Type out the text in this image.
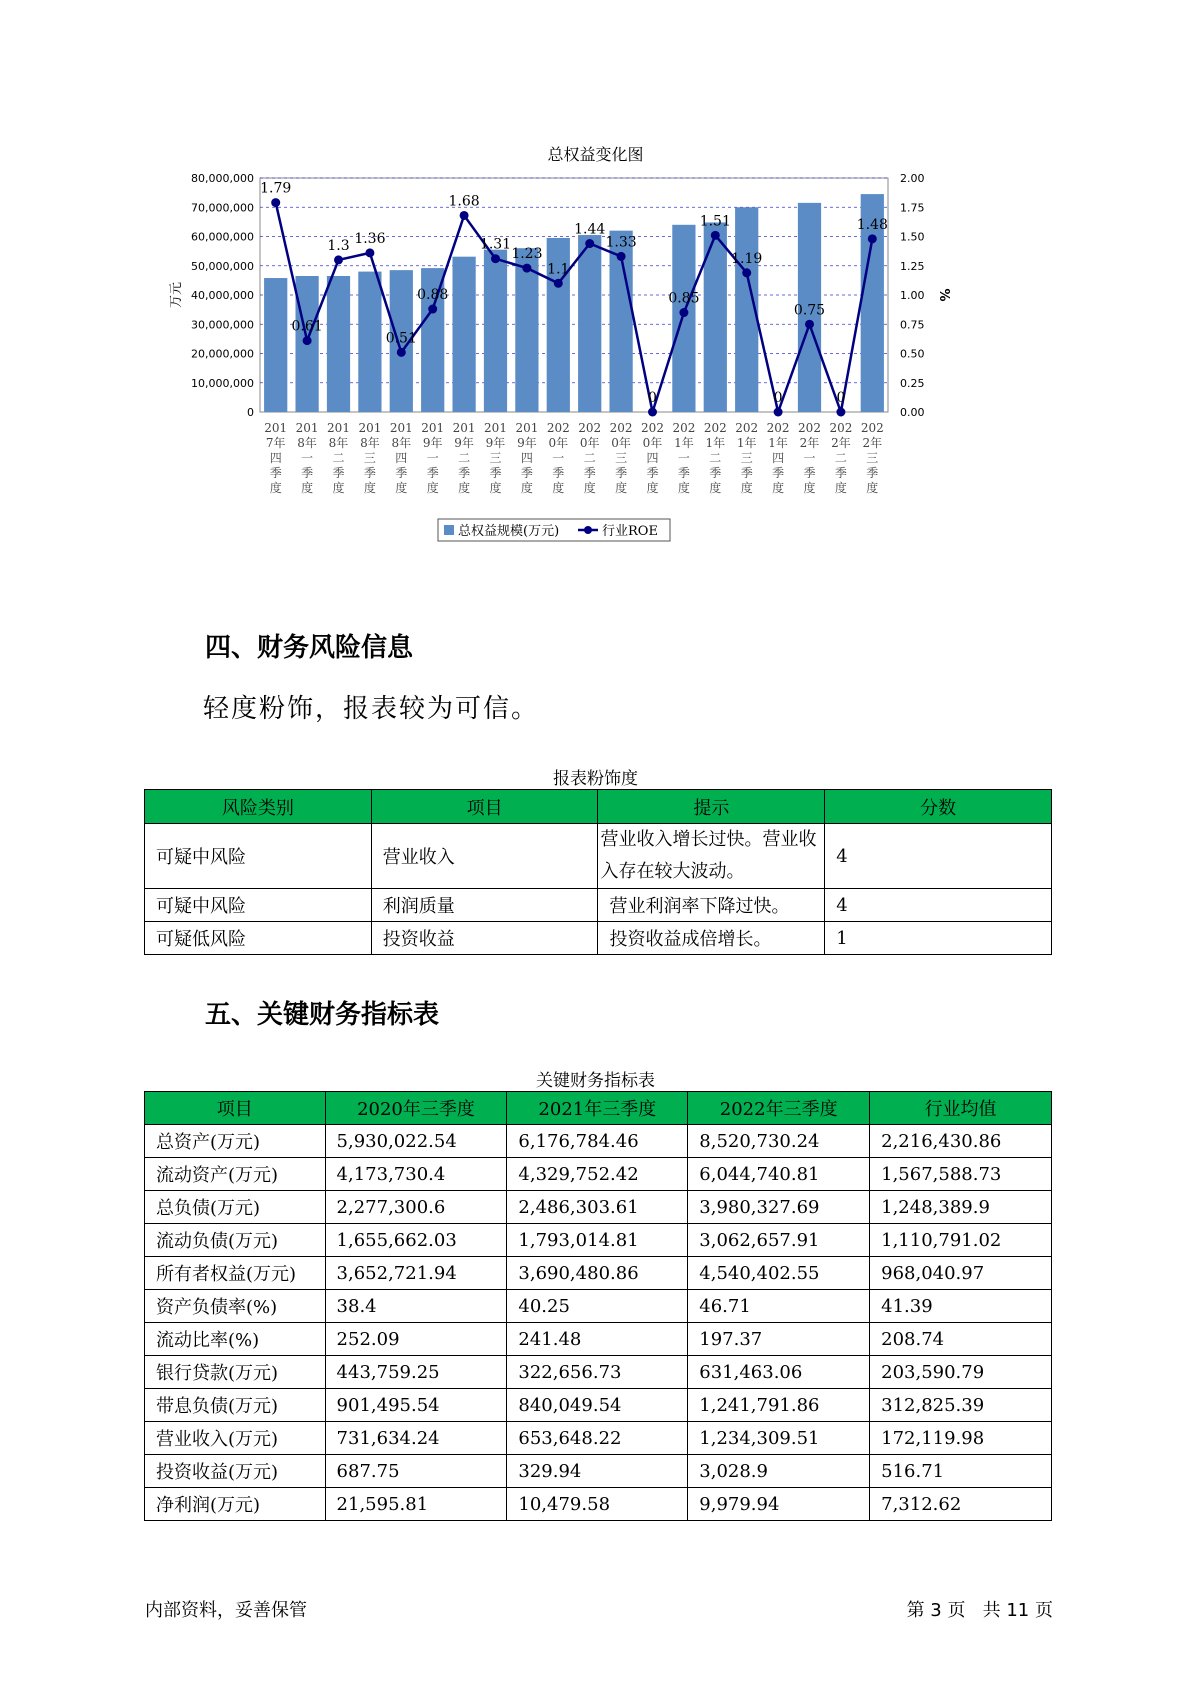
总权益变化图
0
10,000,000
20,000,000
30,000,000
40,000,000
50,000,000
60,000,000
70,000,000
80,000,000
0.00
0.25
0.50
0.75
1.00
1.25
1.50
1.75
2.00
万元	%
1.79
0.61
1.3 1.36
0.51
0.88
1.68
1.31
1.23
1.1
1.44
1.33
0
0.85
1.51
1.19
0
0.75
0
1.48
201 7年四季度
201 8年一季度
201 8年二季度
201 8年三季度
201 8年四季度
201 9年一季度
201 9年二季度
201 9年三季度
201 9年四季度
202 0年一季度
202 0年二季度
202 0年三季度
202 0年四季度
202 1年一季度
202 1年二季度
202 1年三季度
202 1年四季度
202 2年一季度
202 2年二季度
202 2年三季度
总权益规模(万元)	行业ROE
四、财务风险信息
轻度粉饰，报表较为可信。
报表粉饰度
风险类别	项目	提示	分数
可疑中风险	营业收入	营业收入增长过快。营业收入存在较大波动。	4
可疑中风险	利润质量	营业利润率下降过快。	4
可疑低风险	投资收益	投资收益成倍增长。	1
五、关键财务指标表
关键财务指标表
项目	2020年三季度	2021年三季度	2022年三季度	行业均值
总资产(万元)	5,930,022.54	6,176,784.46	8,520,730.24	2,216,430.86
流动资产(万元)	4,173,730.4	4,329,752.42	6,044,740.81	1,567,588.73
总负债(万元)	2,277,300.6	2,486,303.61	3,980,327.69	1,248,389.9
流动负债(万元)	1,655,662.03	1,793,014.81	3,062,657.91	1,110,791.02
所有者权益(万元)	3,652,721.94	3,690,480.86	4,540,402.55	968,040.97
资产负债率(%)	38.4	40.25	46.71	41.39
流动比率(%)	252.09	241.48	197.37	208.74
银行贷款(万元)	443,759.25	322,656.73	631,463.06	203,590.79
带息负债(万元)	901,495.54	840,049.54	1,241,791.86	312,825.39
营业收入(万元)	731,634.24	653,648.22	1,234,309.51	172,119.98
投资收益(万元)	687.75	329.94	3,028.9	516.71
净利润(万元)	21,595.81	10,479.58	9,979.94	7,312.62
内部资料，妥善保管	第 3 页   共 11 页
